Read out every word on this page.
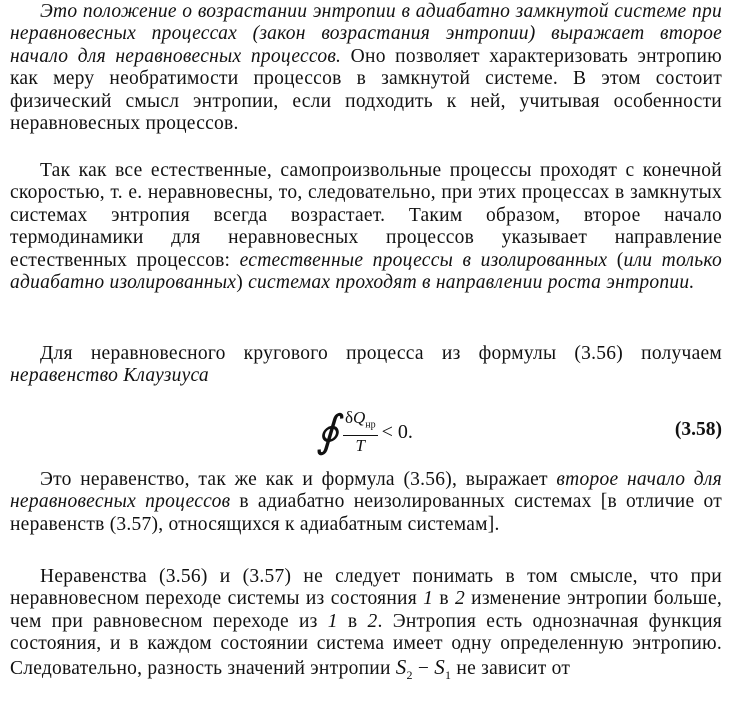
Это положение о возрастании энтропии в адиабатно замкнутой системе при неравновесных процессах (закон возрастания энтропии) выражает второе начало для неравновесных процессов. Оно позволяет характеризовать энтропию как меру необратимости процессов в замкнутой системе. В этом состоит физический смысл энтропии, если подходить к ней, учитывая особенности неравновесных процессов.

Так как все естественные, самопроизвольные процессы проходят с конечной скоростью, т. е. неравновесны, то, следовательно, при этих процессах в замкнутых системах энтропия всегда возрастает. Таким образом, второе начало термодинамики для неравновесных процессов указывает направление естественных процессов: естественные процессы в изолированных (или только адиабатно изолированных) системах проходят в направлении роста энтропии.

Для неравновесного кругового процесса из формулы (3.56) получаем неравенство Клаузиуса

∮ $\frac{\delta Q_{нр}}{T} < 0$.	(3.58)

Это неравенство, так же как и формула (3.56), выражает второе начало для неравновесных процессов в адиабатно неизолированных системах [в отличие от неравенств (3.57), относящихся к адиабатным системам].

Неравенства (3.56) и (3.57) не следует понимать в том смысле, что при неравновесном переходе системы из состояния 1 в 2 изменение энтропии больше, чем при равновесном переходе из 1 в 2. Энтропия есть однозначная функция состояния, и в каждом состоянии система имеет одну определенную энтропию. Следовательно, разность значений энтропии $S_2 - S_1$ не зависит от
